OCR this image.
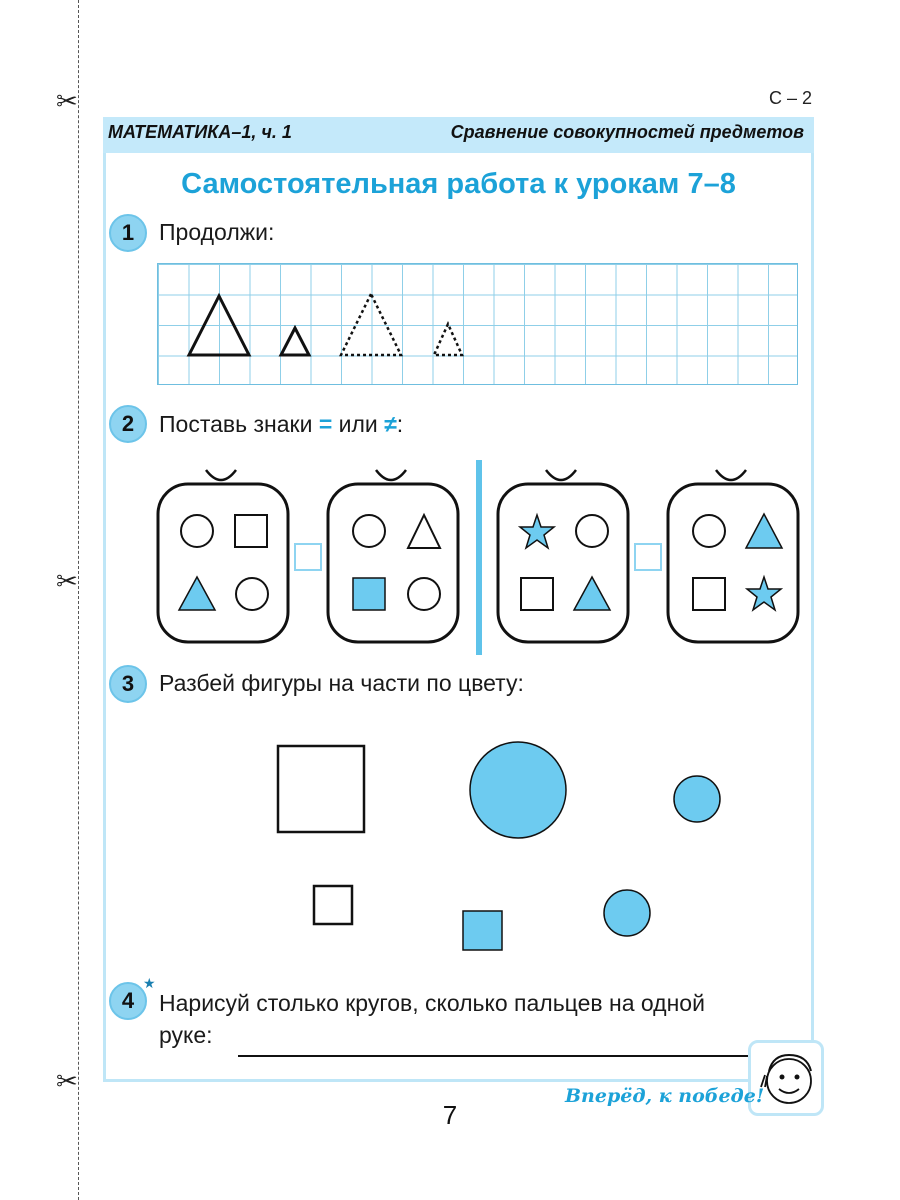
✂
✂
✂
С – 2
МАТЕМАТИКА–1, ч. 1	Сравнение совокупностей предметов
Самостоятельная работа к урокам 7–8
1	Продолжи:
2	Поставь знаки = или ≠:
3	Разбей фигуры на части по цвету:
★
4	Нарисуй столько кругов, сколько пальцев на одной
руке:
Вперёд, к победе!
7
